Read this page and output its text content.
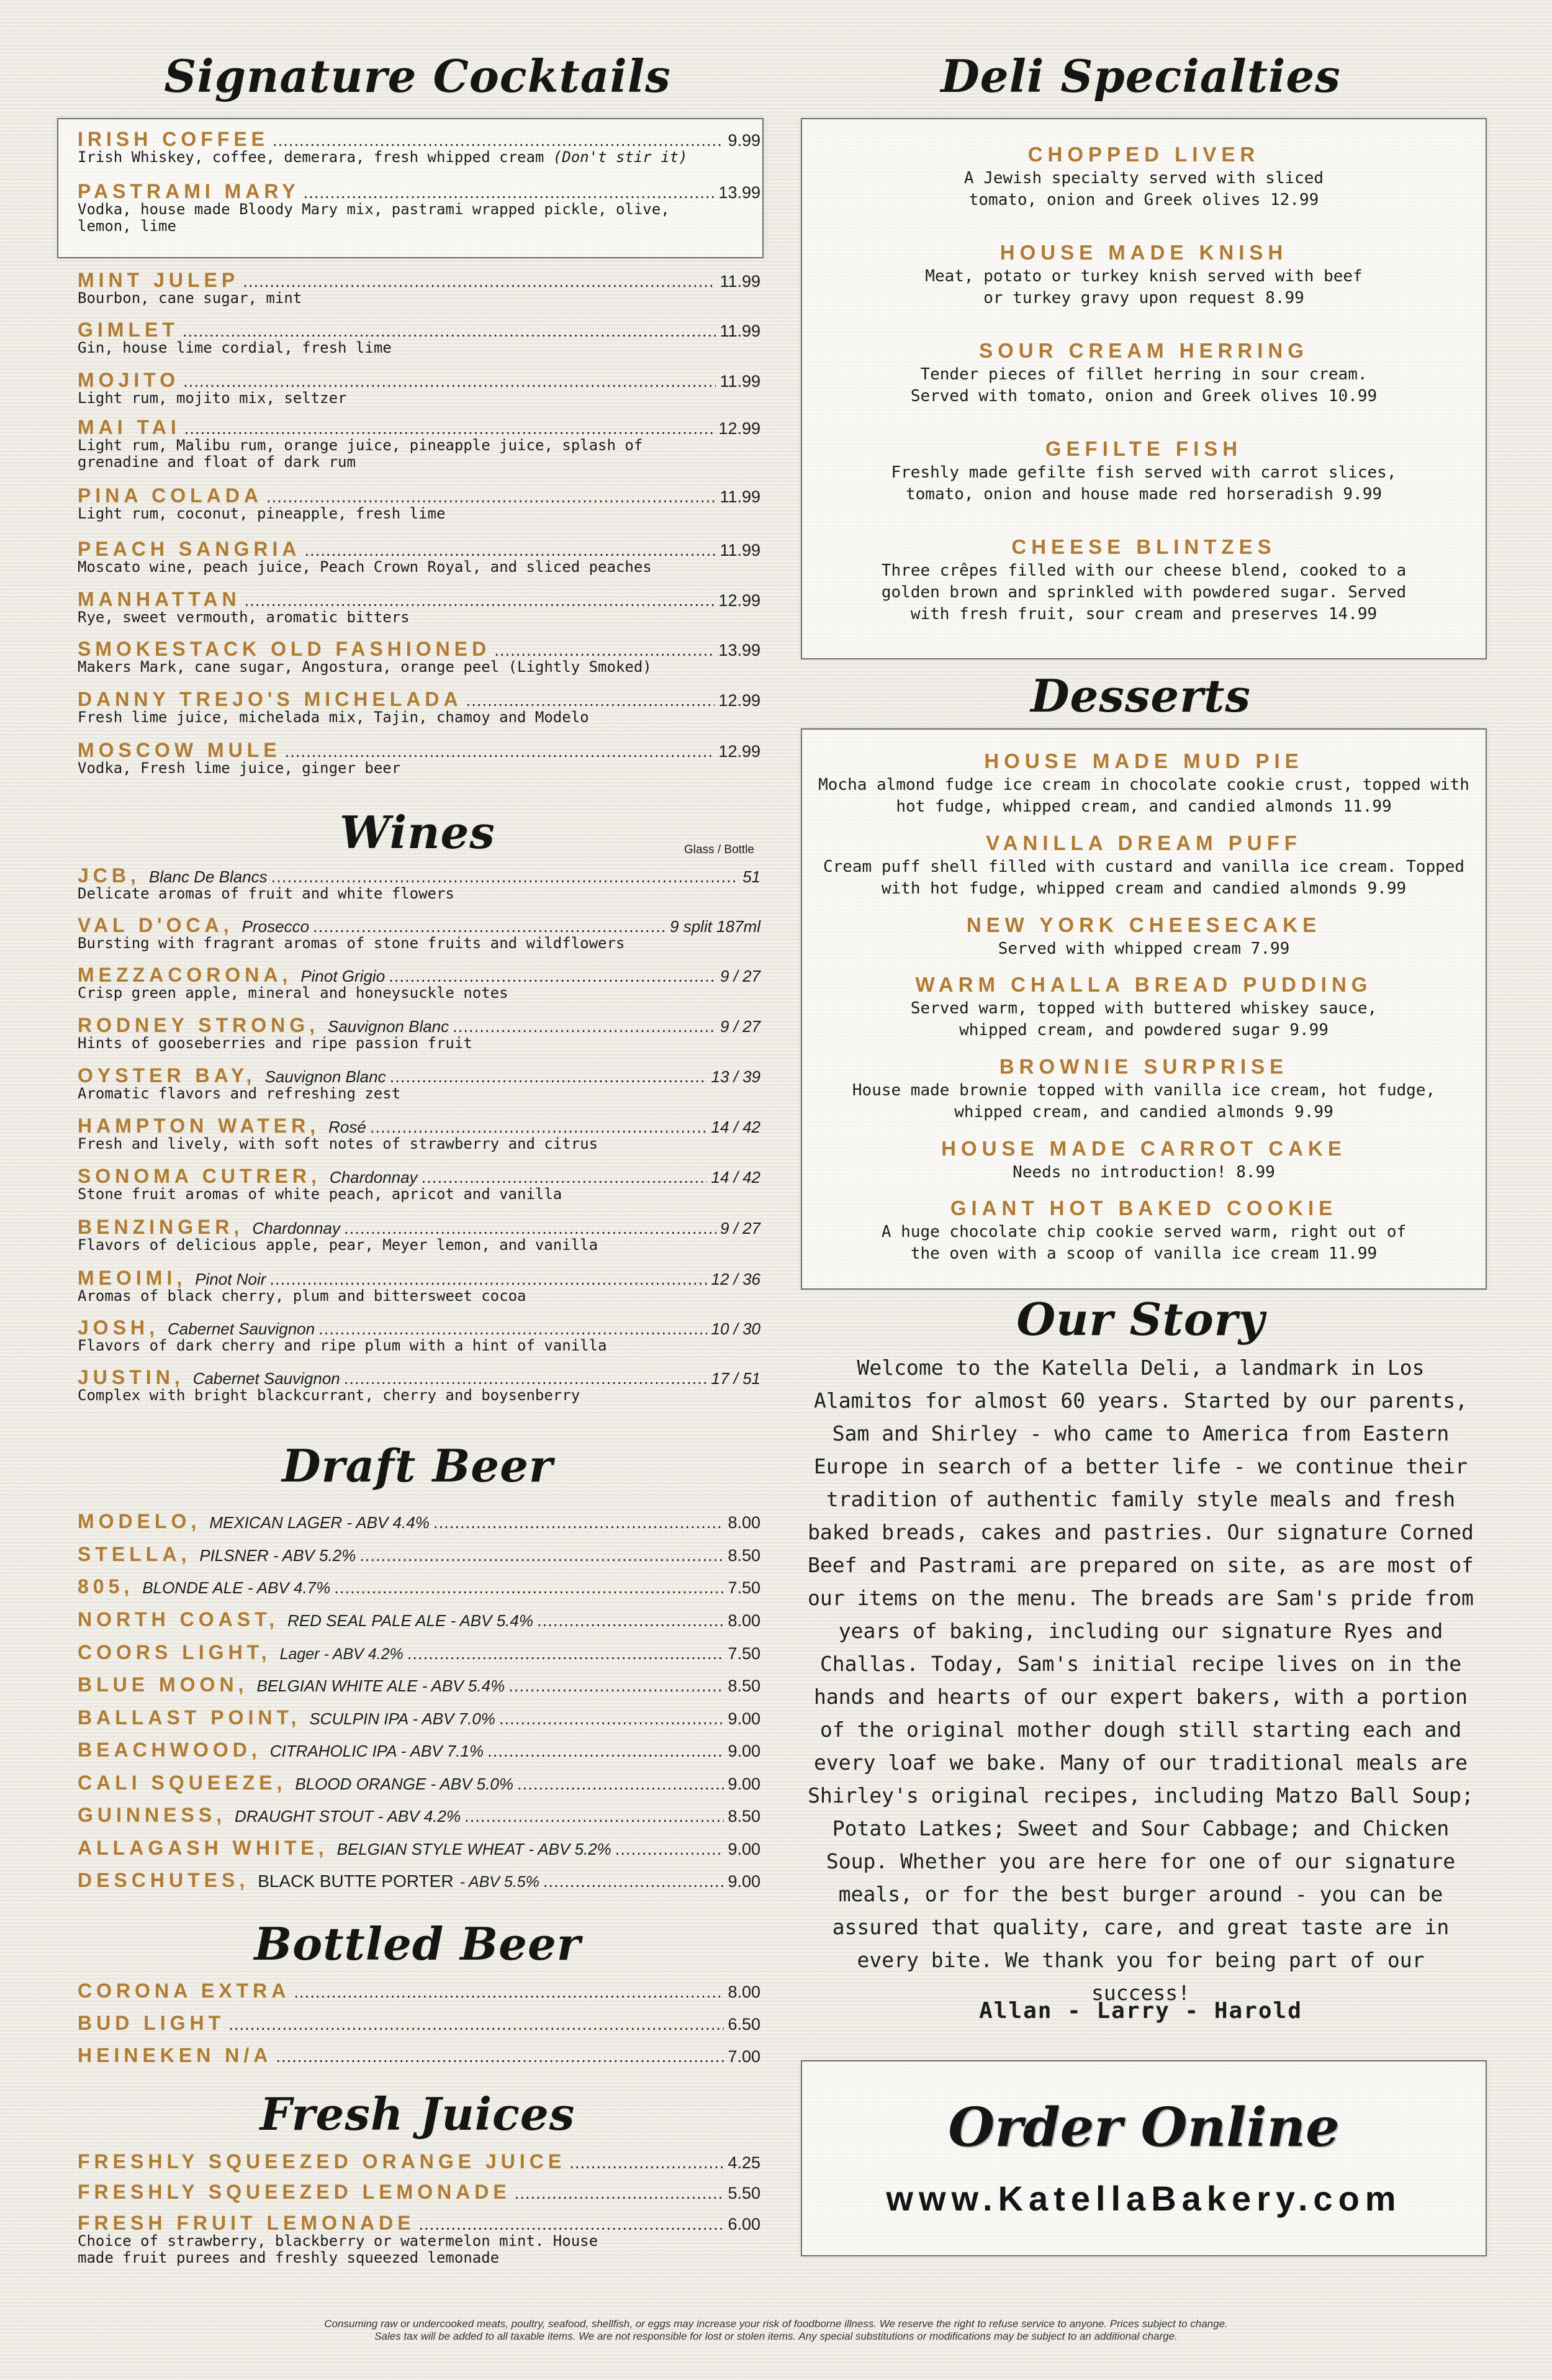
Signature Cocktails
IRISH COFFEE .....	9.99
Irish Whiskey, coffee, demerara, fresh whipped cream (Don't stir it)
PASTRAMI MARY .....	13.99
Vodka, house made Bloody Mary mix, pastrami wrapped pickle, olive, lemon, lime
MINT JULEP .....	11.99
Bourbon, cane sugar, mint
GIMLET .....	11.99
Gin, house lime cordial, fresh lime
MOJITO .....	11.99
Light rum, mojito mix, seltzer
MAI TAI .....	12.99
Light rum, Malibu rum, orange juice, pineapple juice, splash of grenadine and float of dark rum
PINA COLADA .....	11.99
Light rum, coconut, pineapple, fresh lime
PEACH SANGRIA .....	11.99
Moscato wine, peach juice, Peach Crown Royal, and sliced peaches
MANHATTAN .....	12.99
Rye, sweet vermouth, aromatic bitters
SMOKESTACK OLD FASHIONED .....	13.99
Makers Mark, cane sugar, Angostura, orange peel (Lightly Smoked)
DANNY TREJO'S MICHELADA .....	12.99
Fresh lime juice, michelada mix, Tajin, chamoy and Modelo
MOSCOW MULE .....	12.99
Vodka, Fresh lime juice, ginger beer
Wines	Glass / Bottle
JCB, Blanc De Blancs .....	51
Delicate aromas of fruit and white flowers
VAL D'OCA, Prosecco .....	9 split 187ml
Bursting with fragrant aromas of stone fruits and wildflowers
MEZZACORONA, Pinot Grigio .....	9 / 27
Crisp green apple, mineral and honeysuckle notes
RODNEY STRONG, Sauvignon Blanc .....	9 / 27
Hints of gooseberries and ripe passion fruit
OYSTER BAY, Sauvignon Blanc .....	13 / 39
Aromatic flavors and refreshing zest
HAMPTON WATER, Rosé .....	14 / 42
Fresh and lively, with soft notes of strawberry and citrus
SONOMA CUTRER, Chardonnay .....	14 / 42
Stone fruit aromas of white peach, apricot and vanilla
BENZINGER, Chardonnay .....	9 / 27
Flavors of delicious apple, pear, Meyer lemon, and vanilla
MEOIMI, Pinot Noir .....	12 / 36
Aromas of black cherry, plum and bittersweet cocoa
JOSH, Cabernet Sauvignon .....	10 / 30
Flavors of dark cherry and ripe plum with a hint of vanilla
JUSTIN, Cabernet Sauvignon .....	17 / 51
Complex with bright blackcurrant, cherry and boysenberry
Draft Beer
MODELO, MEXICAN LAGER - ABV 4.4% .....	8.00
STELLA, PILSNER - ABV 5.2% .....	8.50
805, BLONDE ALE - ABV 4.7% .....	7.50
NORTH COAST, RED SEAL PALE ALE - ABV 5.4% .....	8.00
COORS LIGHT, Lager - ABV 4.2% .....	7.50
BLUE MOON, BELGIAN WHITE ALE - ABV 5.4% .....	8.50
BALLAST POINT, SCULPIN IPA - ABV 7.0% .....	9.00
BEACHWOOD, CITRAHOLIC IPA - ABV 7.1% .....	9.00
CALI SQUEEZE, BLOOD ORANGE - ABV 5.0% .....	9.00
GUINNESS, DRAUGHT STOUT - ABV 4.2% .....	8.50
ALLAGASH WHITE, BELGIAN STYLE WHEAT - ABV 5.2% .....	9.00
DESCHUTES, BLACK BUTTE PORTER - ABV 5.5% .....	9.00
Bottled Beer
CORONA EXTRA .....	8.00
BUD LIGHT .....	6.50
HEINEKEN N/A .....	7.00
Fresh Juices
FRESHLY SQUEEZED ORANGE JUICE .....	4.25
FRESHLY SQUEEZED LEMONADE .....	5.50
FRESH FRUIT LEMONADE .....	6.00
Choice of strawberry, blackberry or watermelon mint. House made fruit purees and freshly squeezed lemonade
Deli Specialties
CHOPPED LIVER
A Jewish specialty served with sliced tomato, onion and Greek olives 12.99
HOUSE MADE KNISH
Meat, potato or turkey knish served with beef or turkey gravy upon request 8.99
SOUR CREAM HERRING
Tender pieces of fillet herring in sour cream. Served with tomato, onion and Greek olives 10.99
GEFILTE FISH
Freshly made gefilte fish served with carrot slices, tomato, onion and house made red horseradish 9.99
CHEESE BLINTZES
Three crêpes filled with our cheese blend, cooked to a golden brown and sprinkled with powdered sugar. Served with fresh fruit, sour cream and preserves 14.99
Desserts
HOUSE MADE MUD PIE
Mocha almond fudge ice cream in chocolate cookie crust, topped with hot fudge, whipped cream, and candied almonds 11.99
VANILLA DREAM PUFF
Cream puff shell filled with custard and vanilla ice cream. Topped with hot fudge, whipped cream and candied almonds 9.99
NEW YORK CHEESECAKE
Served with whipped cream 7.99
WARM CHALLA BREAD PUDDING
Served warm, topped with buttered whiskey sauce, whipped cream, and powdered sugar 9.99
BROWNIE SURPRISE
House made brownie topped with vanilla ice cream, hot fudge, whipped cream, and candied almonds 9.99
HOUSE MADE CARROT CAKE
Needs no introduction! 8.99
GIANT HOT BAKED COOKIE
A huge chocolate chip cookie served warm, right out of the oven with a scoop of vanilla ice cream 11.99
Our Story
Welcome to the Katella Deli, a landmark in Los Alamitos for almost 60 years. Started by our parents, Sam and Shirley - who came to America from Eastern Europe in search of a better life - we continue their tradition of authentic family style meals and fresh baked breads, cakes and pastries. Our signature Corned Beef and Pastrami are prepared on site, as are most of our items on the menu. The breads are Sam's pride from years of baking, including our signature Ryes and Challas. Today, Sam's initial recipe lives on in the hands and hearts of our expert bakers, with a portion of the original mother dough still starting each and every loaf we bake. Many of our traditional meals are Shirley's original recipes, including Matzo Ball Soup; Potato Latkes; Sweet and Sour Cabbage; and Chicken Soup. Whether you are here for one of our signature meals, or for the best burger around - you can be assured that quality, care, and great taste are in every bite. We thank you for being part of our success!
Allan - Larry - Harold
Order Online
www.KatellaBakery.com
Consuming raw or undercooked meats, poultry, seafood, shellfish, or eggs may increase your risk of foodborne illness. We reserve the right to refuse service to anyone. Prices subject to change.
Sales tax will be added to all taxable items. We are not responsible for lost or stolen items. Any special substitutions or modifications may be subject to an additional charge.
